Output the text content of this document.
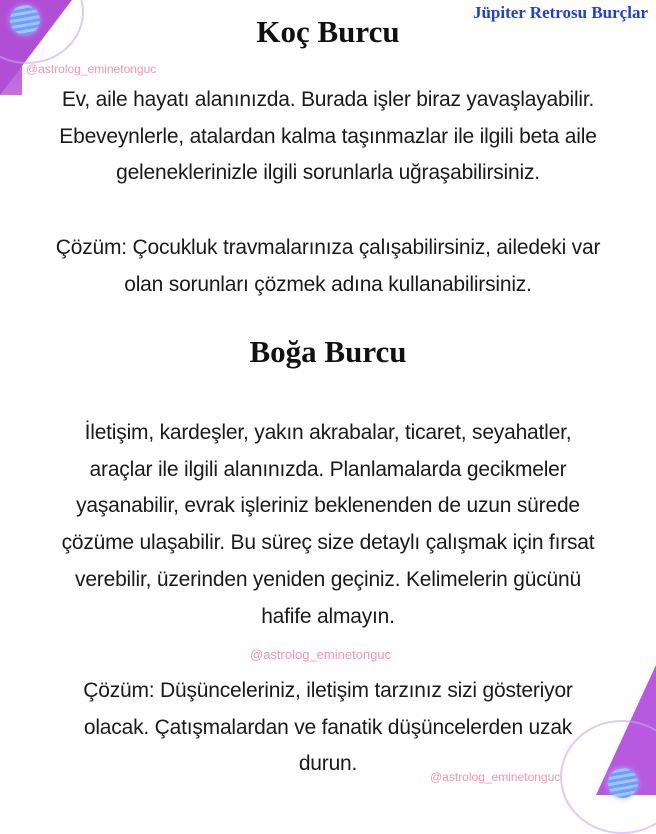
@astrolog_eminetonguc
@astrolog_eminetonguc
@astrolog_eminetonguc
Jüpiter Retrosu Burçlar
Koç Burcu
Ev, aile hayatı alanınızda. Burada işler biraz yavaşlayabilir.
Ebeveynlerle, atalardan kalma taşınmazlar ile ilgili beta aile
geleneklerinizle ilgili sorunlarla uğraşabilirsiniz.
Çözüm: Çocukluk travmalarınıza çalışabilirsiniz, ailedeki var
olan sorunları çözmek adına kullanabilirsiniz.
Boğa Burcu
İletişim, kardeşler, yakın akrabalar, ticaret, seyahatler,
araçlar ile ilgili alanınızda. Planlamalarda gecikmeler
yaşanabilir, evrak işleriniz beklenenden de uzun sürede
çözüme ulaşabilir. Bu süreç size detaylı çalışmak için fırsat
verebilir, üzerinden yeniden geçiniz. Kelimelerin gücünü
hafife almayın.
Çözüm: Düşünceleriniz, iletişim tarzınız sizi gösteriyor
olacak. Çatışmalardan ve fanatik düşüncelerden uzak
durun.
